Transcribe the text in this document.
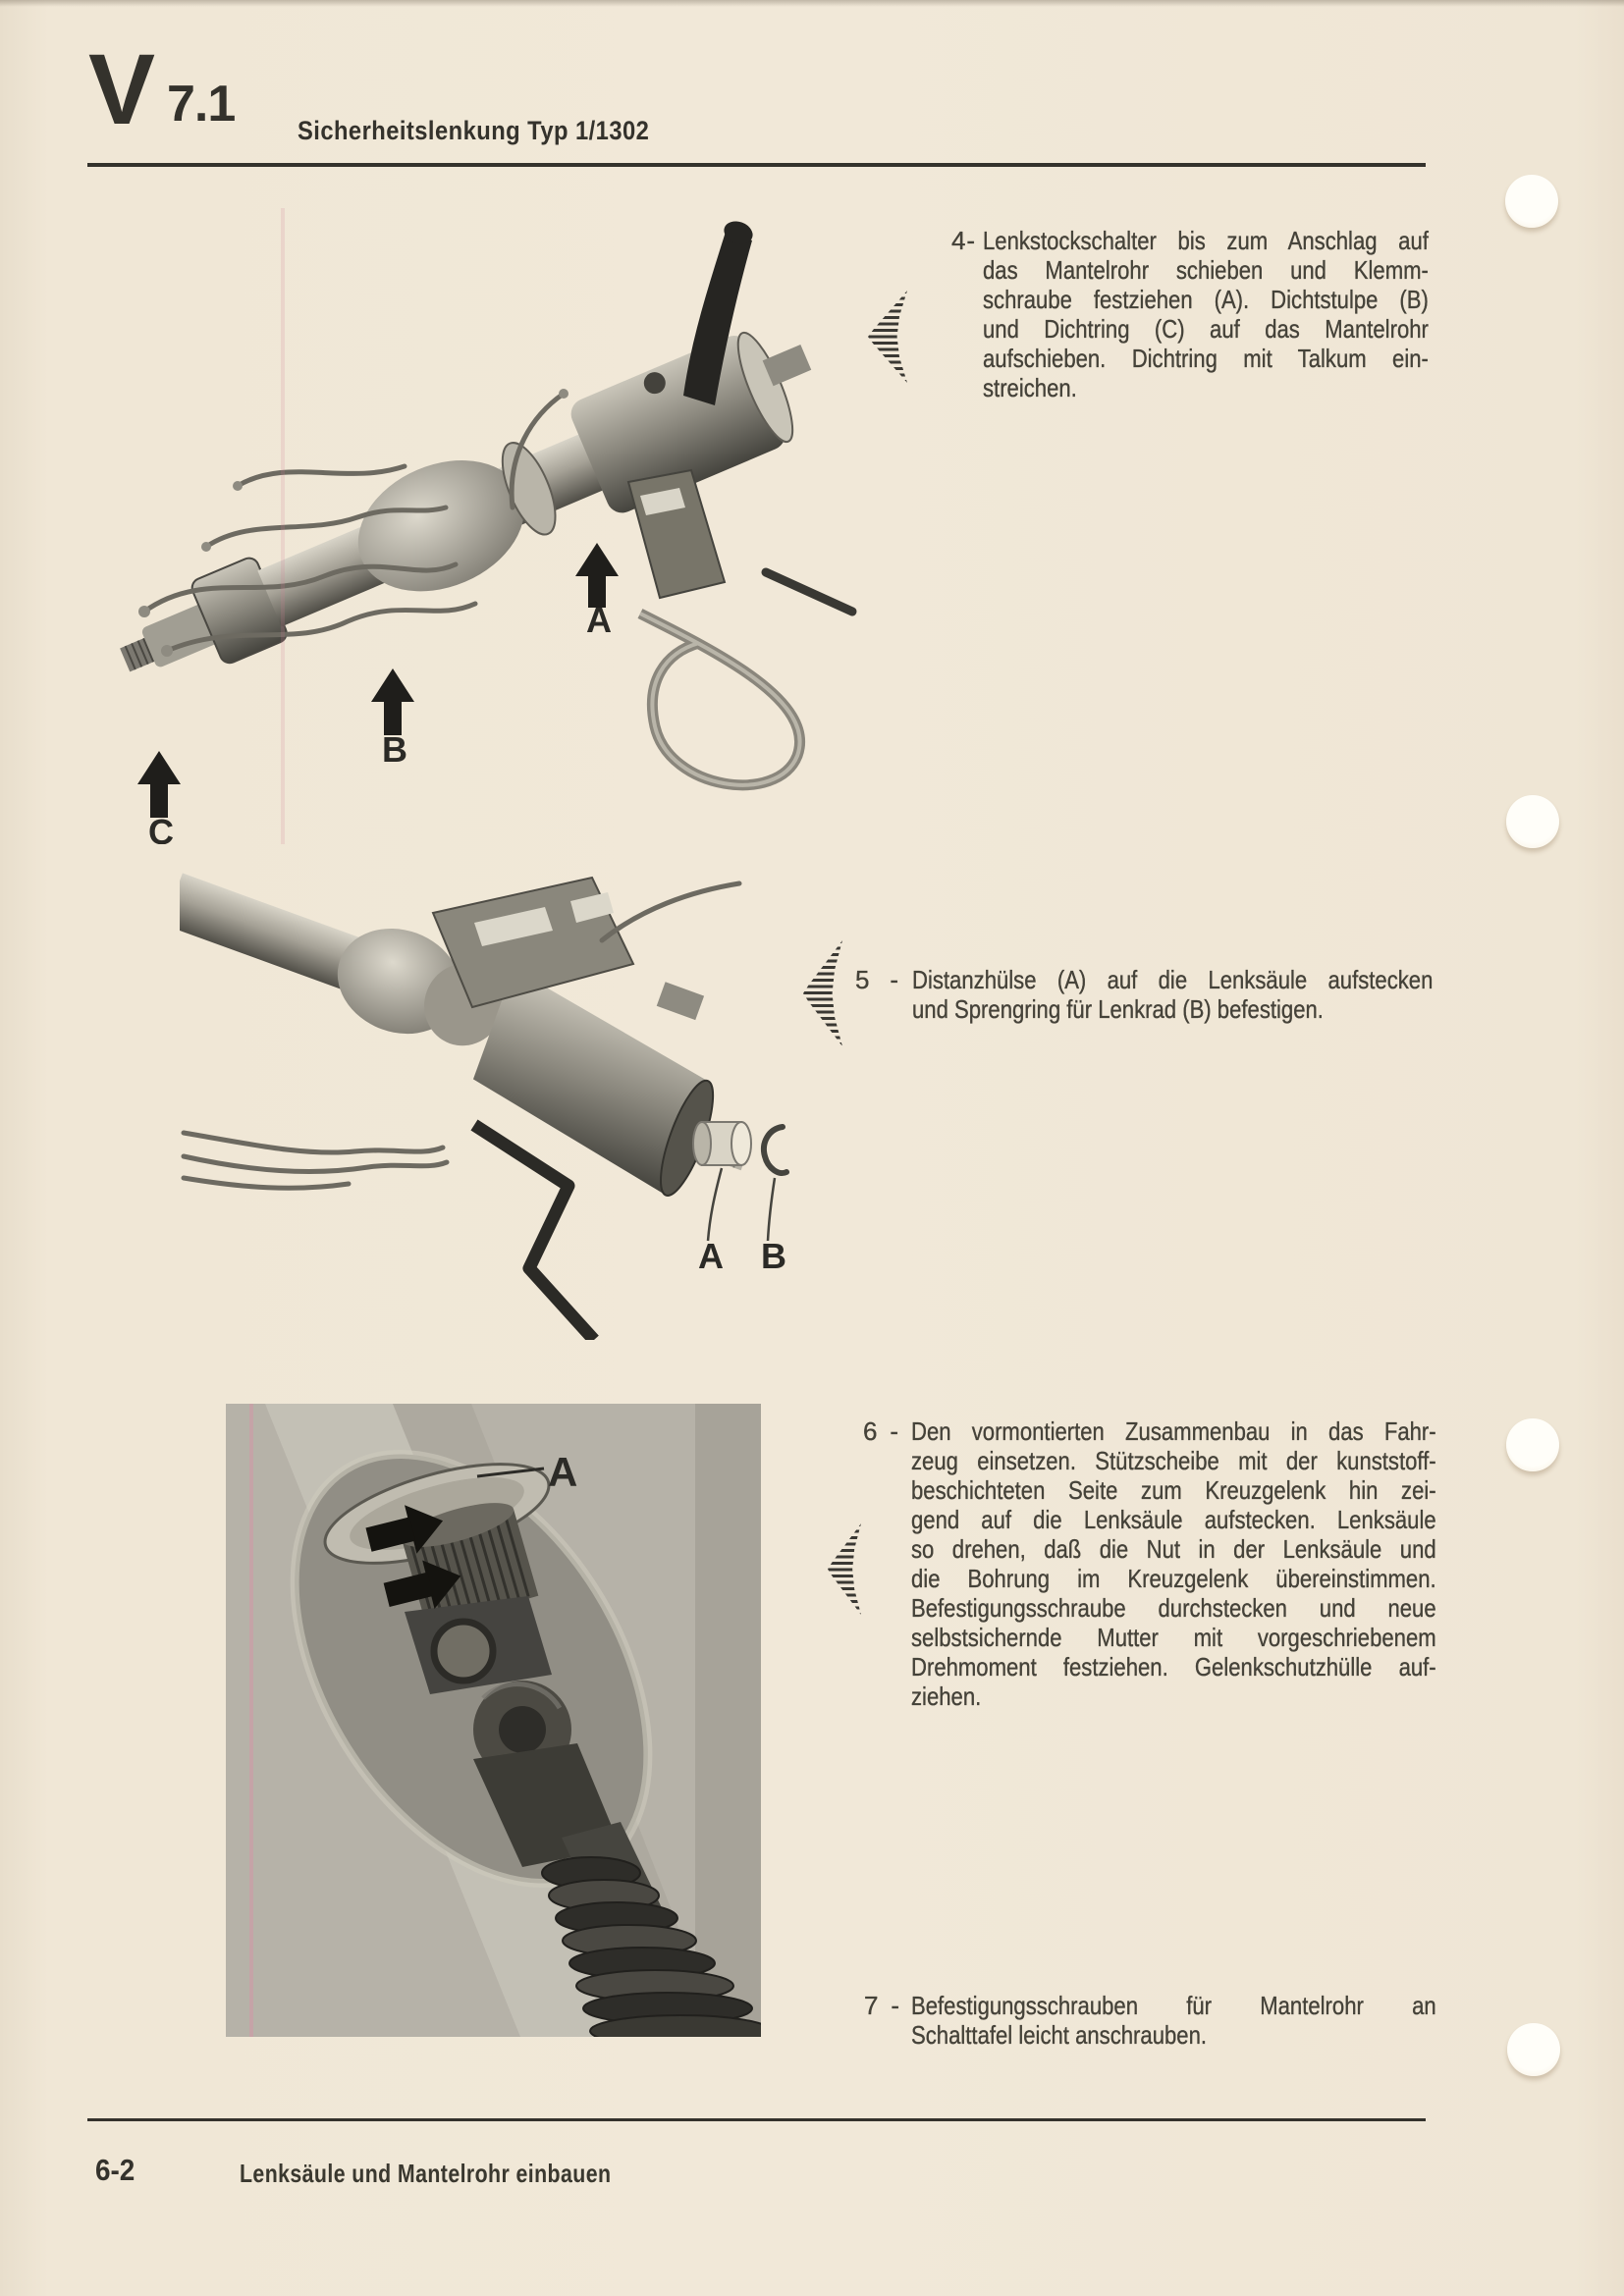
V 7.1 Sicherheitslenkung Typ 1/1302
A
B
C
A B
A
4 - Lenkstockschalter bis zum Anschlag auf
das Mantelrohr schieben und Klemm-
schraube festziehen (A). Dichtstulpe (B)
und Dichtring (C) auf das Mantelrohr
aufschieben. Dichtring mit Talkum ein-
streichen.
5 - Distanzhülse (A) auf die Lenksäule aufstecken
und Sprengring für Lenkrad (B) befestigen.
6 - Den vormontierten Zusammenbau in das Fahr-
zeug einsetzen. Stützscheibe mit der kunststoff-
beschichteten Seite zum Kreuzgelenk hin zei-
gend auf die Lenksäule aufstecken. Lenksäule
so drehen, daß die Nut in der Lenksäule und
die Bohrung im Kreuzgelenk übereinstimmen.
Befestigungsschraube durchstecken und neue
selbstsichernde Mutter mit vorgeschriebenem
Drehmoment festziehen. Gelenkschutzhülle auf-
ziehen.
7 - Befestigungsschrauben für Mantelrohr an
Schalttafel leicht anschrauben.
6-2	Lenksäule und Mantelrohr einbauen
